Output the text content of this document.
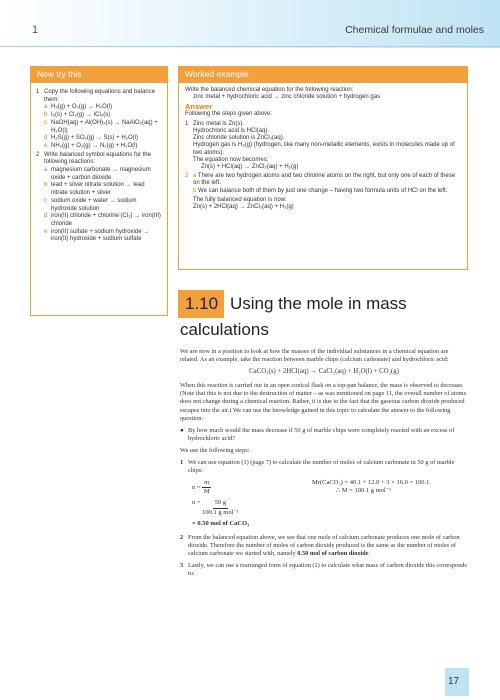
1	Chemical formulae and moles
Now try this
1 Copy the following equations and balance them:
a H₂(g) + O₂(g) → H₂O(l)
b I₂(s) + Cl₂(g) → ICl₃(s)
c NaOH(aq) + Al(OH)₃(s) → NaAlO₂(aq) + H₂O(l)
d H₂S(g) + SO₂(g) → S(s) + H₂O(l)
e NH₃(g) + O₂(g) → N₂(g) + H₂O(l)
2 Write balanced symbol equations for the following reactions:
a magnesium carbonate → magnesium oxide + carbon dioxide
b lead + silver nitrate solution → lead nitrate solution + silver
c sodium oxide + water → sodium hydroxide solution
d iron(II) chloride + chlorine (Cl₂) → iron(III) chloride
e iron(II) sulfate + sodium hydroxide → iron(II) hydroxide + sodium sulfate
Worked example
Write the balanced chemical equation for the following reaction:
zinc metal + hydrochloric acid → zinc chloride solution + hydrogen gas
Answer
Following the steps given above:
1 Zinc metal is Zn(s).
Hydrochloric acid is HCl(aq).
Zinc chloride solution is ZnCl₂(aq).
Hydrogen gas is H₂(g) (hydrogen, like many non-metallic elements, exists in molecules made up of two atoms).
The equation now becomes:
Zn(s) + HCl(aq) → ZnCl₂(aq) + H₂(g)
2 a There are two hydrogen atoms and two chlorine atoms on the right, but only one of each of these on the left.
b We can balance both of them by just one change – having two formula units of HCl on the left.
The fully balanced equation is now:
Zn(s) + 2HCl(aq) → ZnCl₂(aq) + H₂(g)
1.10 Using the mole in mass
calculations

We are now in a position to look at how the masses of the individual substances in a chemical equation are related. As an example, take the reaction between marble chips (calcium carbonate) and hydrochloric acid:

CaCO₃(s) + 2HCl(aq) → CaCl₂(aq) + H₂O(l) + CO₂(g)

When this reaction is carried out in an open conical flask on a top-pan balance, the mass is observed to decrease. (Note that this is not due to the destruction of matter – as was mentioned on page 11, the overall number of atoms does not change during a chemical reaction. Rather, it is due to the fact that the gaseous carbon dioxide produced escapes into the air.) We can use the knowledge gained in this topic to calculate the answer to the following question:

● By how much would the mass decrease if 50 g of marble chips were completely reacted with an excess of hydrochloric acid?

We use the following steps:

1 We can use equation (1) (page 7) to calculate the number of moles of calcium carbonate in 50 g of marble chips:
$n = \frac{m}{M}$	Mr(CaCO₃) = 40.1 + 12.0 + 3 × 16.0 = 100.1
∴ M = 100.1 g mol⁻¹
n =
$\frac{50 g}{\text{100.1 g mol⁻¹}}$
= 0.50 mol of CaCO₃
2 From the balanced equation above, we see that one mole of calcium carbonate produces one mole of carbon dioxide. Therefore the number of moles of carbon dioxide produced is the same as the number of moles of calcium carbonate we started with, namely 0.50 mol of carbon dioxide.
3 Lastly, we can use a rearranged form of equation (1) to calculate what mass of carbon dioxide this corresponds to:
17
